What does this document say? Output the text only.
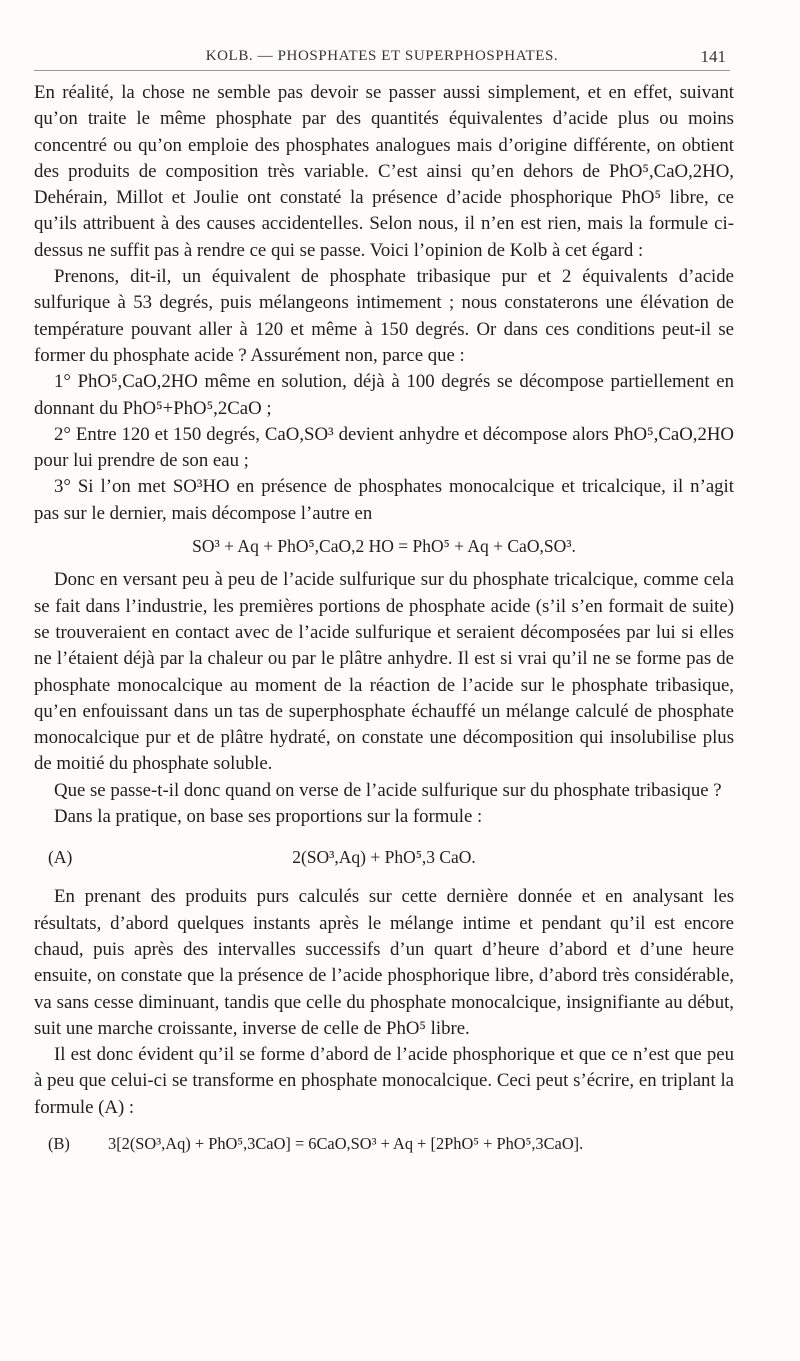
KOLB. — PHOSPHATES ET SUPERPHOSPHATES.	141

En réalité, la chose ne semble pas devoir se passer aussi simplement, et en effet, suivant qu’on traite le même phosphate par des quantités équivalentes d’acide plus ou moins concentré ou qu’on emploie des phosphates analogues mais d’origine différente, on obtient des produits de composition très variable. C’est ainsi qu’en dehors de PhO⁵,CaO,2HO, Dehérain, Millot et Joulie ont constaté la présence d’acide phosphorique PhO⁵ libre, ce qu’ils attribuent à des causes accidentelles. Selon nous, il n’en est rien, mais la formule ci-dessus ne suffit pas à rendre ce qui se passe. Voici l’opinion de Kolb à cet égard :

Prenons, dit-il, un équivalent de phosphate tribasique pur et 2 équivalents d’acide sulfurique à 53 degrés, puis mélangeons intimement ; nous constaterons une élévation de température pouvant aller à 120 et même à 150 degrés. Or dans ces conditions peut-il se former du phosphate acide ? Assurément non, parce que :

1° PhO⁵,CaO,2HO même en solution, déjà à 100 degrés se décompose partiellement en donnant du PhO⁵+PhO⁵,2CaO ;

2° Entre 120 et 150 degrés, CaO,SO³ devient anhydre et décompose alors PhO⁵,CaO,2HO pour lui prendre de son eau ;

3° Si l’on met SO³HO en présence de phosphates monocalcique et tricalcique, il n’agit pas sur le dernier, mais décompose l’autre en

SO³ + Aq + PhO⁵,CaO,2 HO = PhO⁵ + Aq + CaO,SO³.

Donc en versant peu à peu de l’acide sulfurique sur du phosphate tricalcique, comme cela se fait dans l’industrie, les premières portions de phosphate acide (s’il s’en formait de suite) se trouveraient en contact avec de l’acide sulfurique et seraient décomposées par lui si elles ne l’étaient déjà par la chaleur ou par le plâtre anhydre. Il est si vrai qu’il ne se forme pas de phosphate monocalcique au moment de la réaction de l’acide sur le phosphate tribasique, qu’en enfouissant dans un tas de superphosphate échauffé un mélange calculé de phosphate monocalcique pur et de plâtre hydraté, on constate une décomposition qui insolubilise plus de moitié du phosphate soluble.

Que se passe-t-il donc quand on verse de l’acide sulfurique sur du phosphate tribasique ?

Dans la pratique, on base ses proportions sur la formule :

(A)	2(SO³,Aq) + PhO⁵,3 CaO.

En prenant des produits purs calculés sur cette dernière donnée et en analysant les résultats, d’abord quelques instants après le mélange intime et pendant qu’il est encore chaud, puis après des intervalles successifs d’un quart d’heure d’abord et d’une heure ensuite, on constate que la présence de l’acide phosphorique libre, d’abord très considérable, va sans cesse diminuant, tandis que celle du phosphate monocalcique, insignifiante au début, suit une marche croissante, inverse de celle de PhO⁵ libre.

Il est donc évident qu’il se forme d’abord de l’acide phosphorique et que ce n’est que peu à peu que celui-ci se transforme en phosphate monocalcique. Ceci peut s’écrire, en triplant la formule (A) :

(B) 3[2(SO³,Aq) + PhO⁵,3CaO] = 6CaO,SO³ + Aq + [2PhO⁵ + PhO⁵,3CaO].
